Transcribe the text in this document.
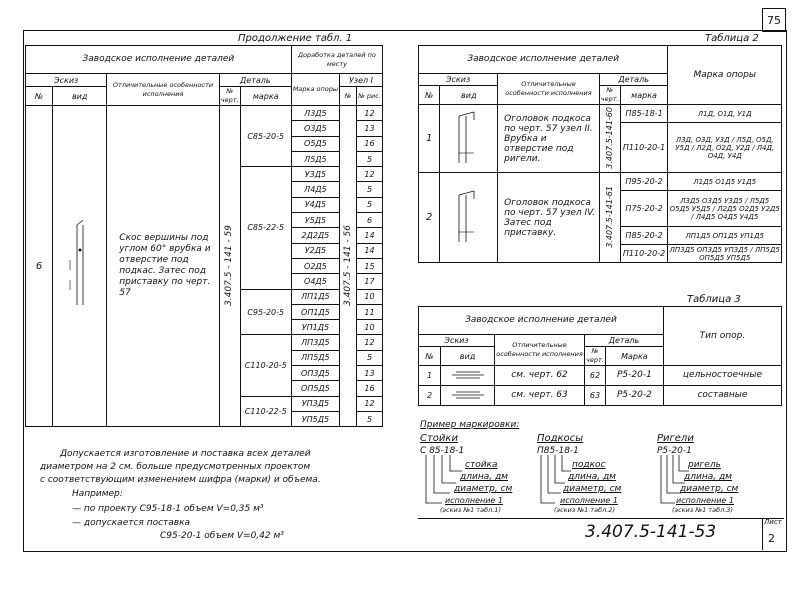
75
Продолжение табл. 1
Заводское исполнение деталей					Доработка деталей по месту		
Эскиз		Отличительные особенности исполнения	Деталь		Марка опоры	Узел I	
№	вид		№ черт.	марка		№	№ рис.
6		Скос вершины под углом 60° врубка и отверстие под подкас. Затес под приставку по черт. 57	3.407.5 - 141 - 59	С85-20-5	Л3Д5	3.407.5 - 141 - 56	12
					О3Д5		13
					О5Д5		16
					Л5Д5		5
				С85-22-5	У3Д5		12
					Л4Д5		5
					У4Д5		5
					У5Д5		6
					2Д2Д5		14
					У2Д5		14
					О2Д5		15
					О4Д5		17
				С95-20-5	ЛП1Д5		10
					ОП1Д5		11
					УП1Д5		10
				С110-20-5	ЛП3Д5		12
					ЛП5Д5		5
					ОП3Д5		13
					ОП5Д5		16
				С110-22-5	УП3Д5		12
					УП5Д5		5
Допускается изготовление и поставка всех деталей
диаметром на 2 см. больше предусмотренных проектом
с соответствующим изменением шифра (марки) и объема.
Например:
— по проекту С95-18-1 объем V=0,35 м³
— допускается поставка
С95-20-1 объем V=0,42 м³
Таблица 2
Заводское исполнение деталей					Марка опоры
Эскиз		Отличительные особенности исполнения	Деталь		
№	вид		№ черт.	марка	
1		Оголовок подкоса по черт. 57 узел II. Врубка и отверстие под ригели.	3.407.5-141-60	П85-18-1	Л1Д, О1Д, У1Д
				П110-20-1	Л3Д, О3Д, У3Д / Л5Д, О5Д, У5Д / Л2Д, О2Д, У2Д / Л4Д, О4Д, У4Д
2		Оголовок подкоса по черт. 57 узел IV. Затес под приставку.	3.407.5-141-61	П95-20-2	Л1Д5 О1Д5 У1Д5
				П75-20-2	Л3Д5 О3Д5 У3Д5 / Л5Д5 О5Д5 У5Д5 / Л2Д5 О2Д5 У2Д5 / Л4Д5 О4Д5 У4Д5
				П85-20-2	ЛП1Д5 ОП1Д5 УП1Д5
				П110-20-2	ЛП3Д5 ОП3Д5 УП3Д5 / ЛП5Д5 ОП5Д5 УП5Д5
Таблица 3
Заводское исполнение деталей					Тип опор.
Эскиз		Отличительные особенности исполнения	Деталь		
№	вид		№ черт.	Марка	
1		см. черт. 62	62	Р5-20-1	цельностоечные
2		см. черт. 63	63	Р5-20-2	составные
Пример маркировки:
Стойки
С 85-18-1
стойка
длина, дм
диаметр, см
исполнение 1
(эскиз №1 табл.1)
Подкосы
П85-18-1
подкос
длина, дм
диаметр, см
исполнение 1
(эскиз №1 табл.2)
Ригели
Р5-20-1
ригель
длина, дм
диаметр, см
исполнение 1
(эскиз №1 табл.3)
3.407.5-141-53	Лист
2
